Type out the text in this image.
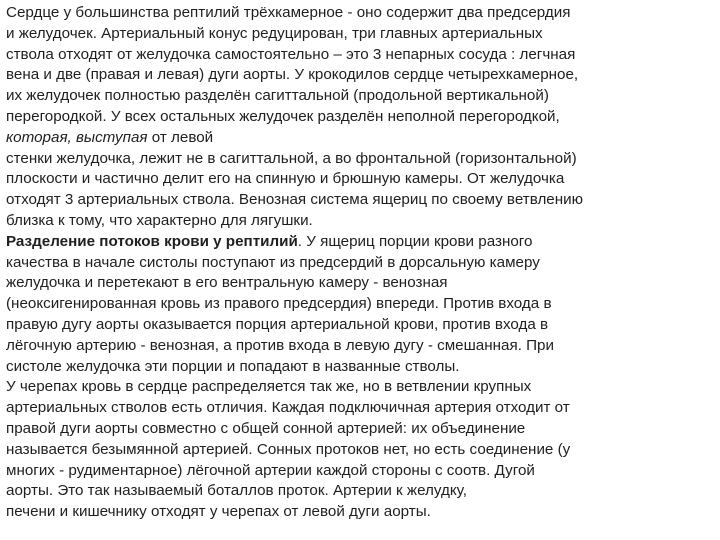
Сердце у большинства рептилий трёхкамерное - оно содержит два предсердия
и желудочек. Артериальный конус редуцирован, три главных артериальных
ствола отходят от желудочка самостоятельно – это 3 непарных сосуда : легчная
вена и две (правая и левая) дуги аорты. У крокодилов сердце четырехкамерное,
их желудочек полностью разделён сагиттальной (продольной вертикальной)
перегородкой. У всех остальных желудочек разделён неполной перегородкой,
которая, выступая от левой
стенки желудочка, лежит не в сагиттальной, а во фронтальной (горизонтальной)
плоскости и частично делит его на спинную и брюшную камеры. От желудочка
отходят 3 артериальных ствола. Венозная система ящериц по своему ветвлению
близка к тому, что характерно для лягушки.
Разделение потоков крови у рептилий. У ящериц порции крови разного
качества в начале систолы поступают из предсердий в дорсальную камеру
желудочка и перетекают в его вентральную камеру - венозная
(неоксигенированная кровь из правого предсердия) впереди. Против входа в
правую дугу аорты оказывается порция артериальной крови, против входа в
лёгочную артерию - венозная, а против входа в левую дугу - смешанная. При
систоле желудочка эти порции и попадают в названные стволы.
У черепах кровь в сердце распределяется так же, но в ветвлении крупных
артериальных стволов есть отличия. Каждая подключичная артерия отходит от
правой дуги аорты совместно с общей сонной артерией: их объединение
называется безымянной артерией. Сонных протоков нет, но есть соединение (у
многих - рудиментарное) лёгочной артерии каждой стороны с соотв. Дугой
аорты. Это так называемый боталлов проток. Артерии к желудку,
печени и кишечнику отходят у черепах от левой дуги аорты.
